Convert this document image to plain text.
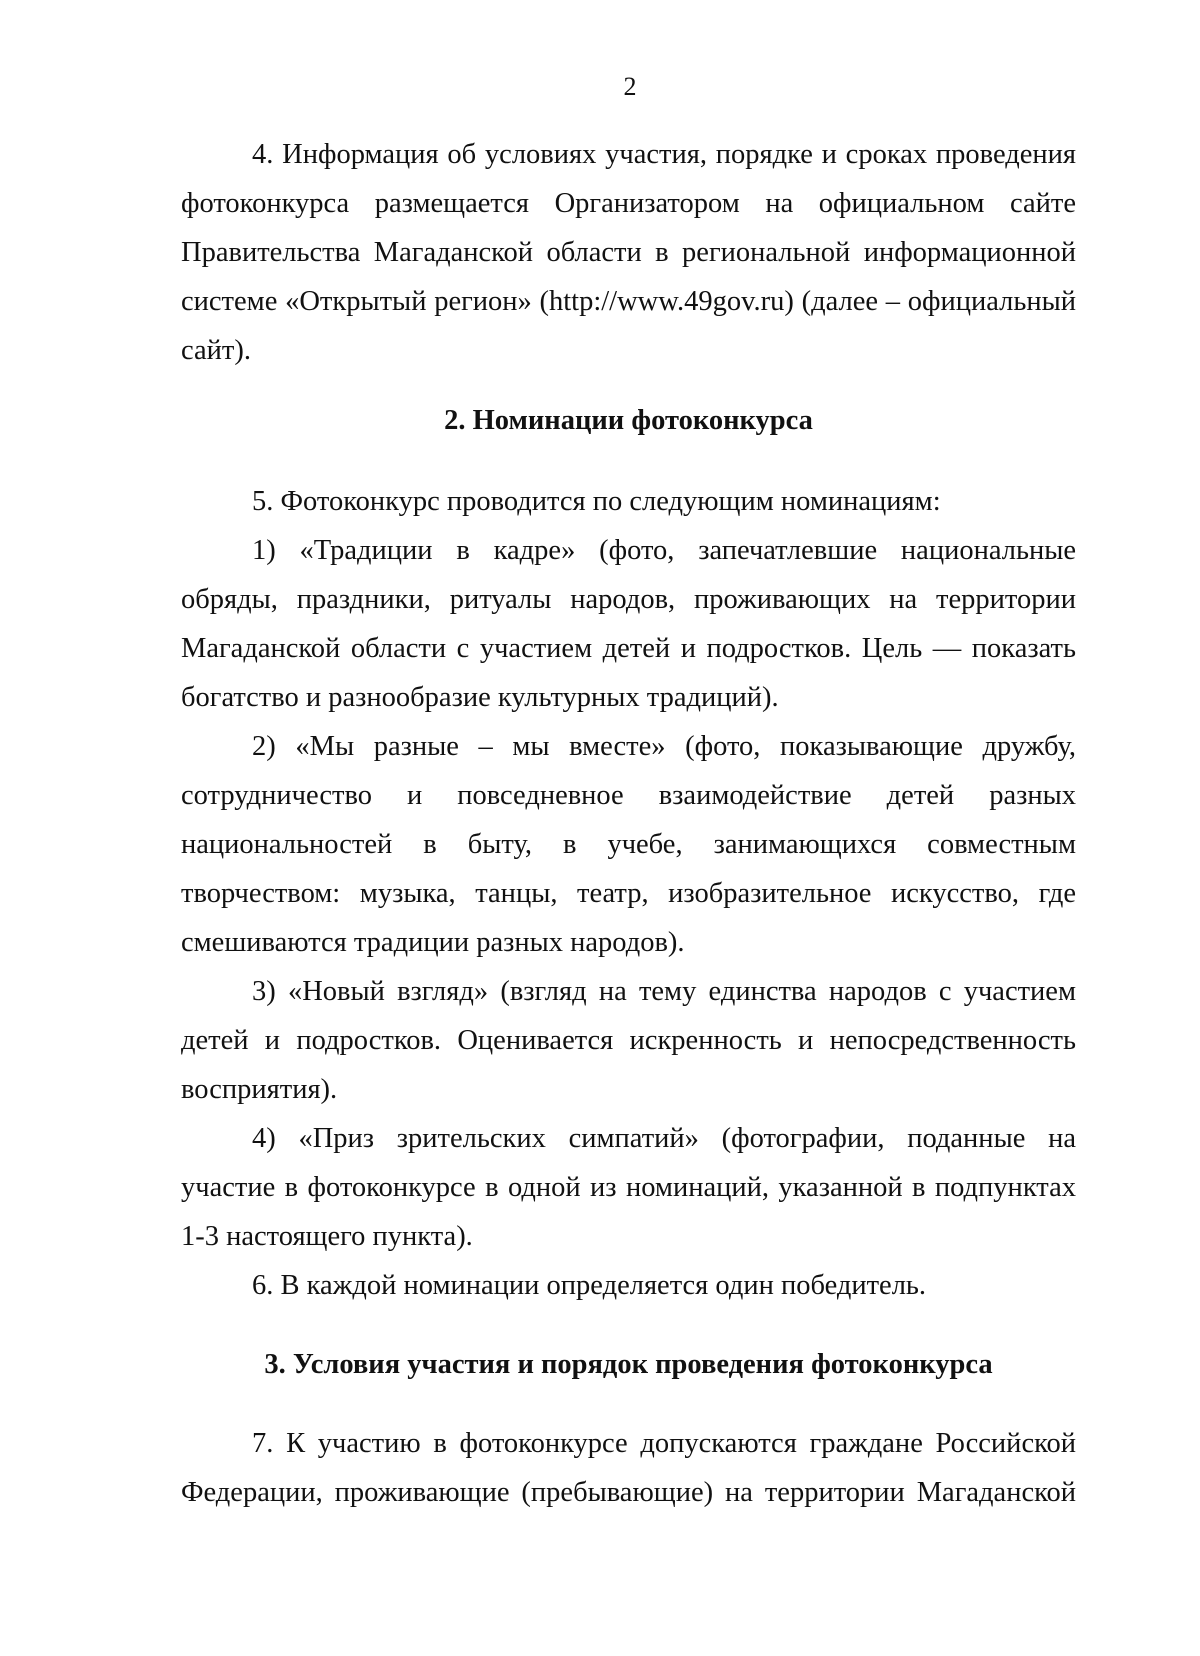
2

4. Информация об условиях участия, порядке и сроках проведения фотоконкурса размещается Организатором на официальном сайте Правительства Магаданской области в региональной информационной системе «Открытый регион» (http://www.49gov.ru) (далее – официальный сайт).

2. Номинации фотоконкурса

5. Фотоконкурс проводится по следующим номинациям:

1) «Традиции в кадре» (фото, запечатлевшие национальные обряды, праздники, ритуалы народов, проживающих на территории Магаданской области с участием детей и подростков. Цель — показать богатство и разнообразие культурных традиций).

2) «Мы разные – мы вместе» (фото, показывающие дружбу, сотрудничество и повседневное взаимодействие детей разных национальностей в быту, в учебе, занимающихся совместным творчеством: музыка, танцы, театр, изобразительное искусство, где смешиваются традиции разных народов).

3) «Новый взгляд» (взгляд на тему единства народов с участием детей и подростков. Оценивается искренность и непосредственность восприятия).

4) «Приз зрительских симпатий» (фотографии, поданные на участие в фотоконкурсе в одной из номинаций, указанной в подпунктах 1-3 настоящего пункта).

6. В каждой номинации определяется один победитель.

3. Условия участия и порядок проведения фотоконкурса

7. К участию в фотоконкурсе допускаются граждане Российской Федерации, проживающие (пребывающие) на территории Магаданской
